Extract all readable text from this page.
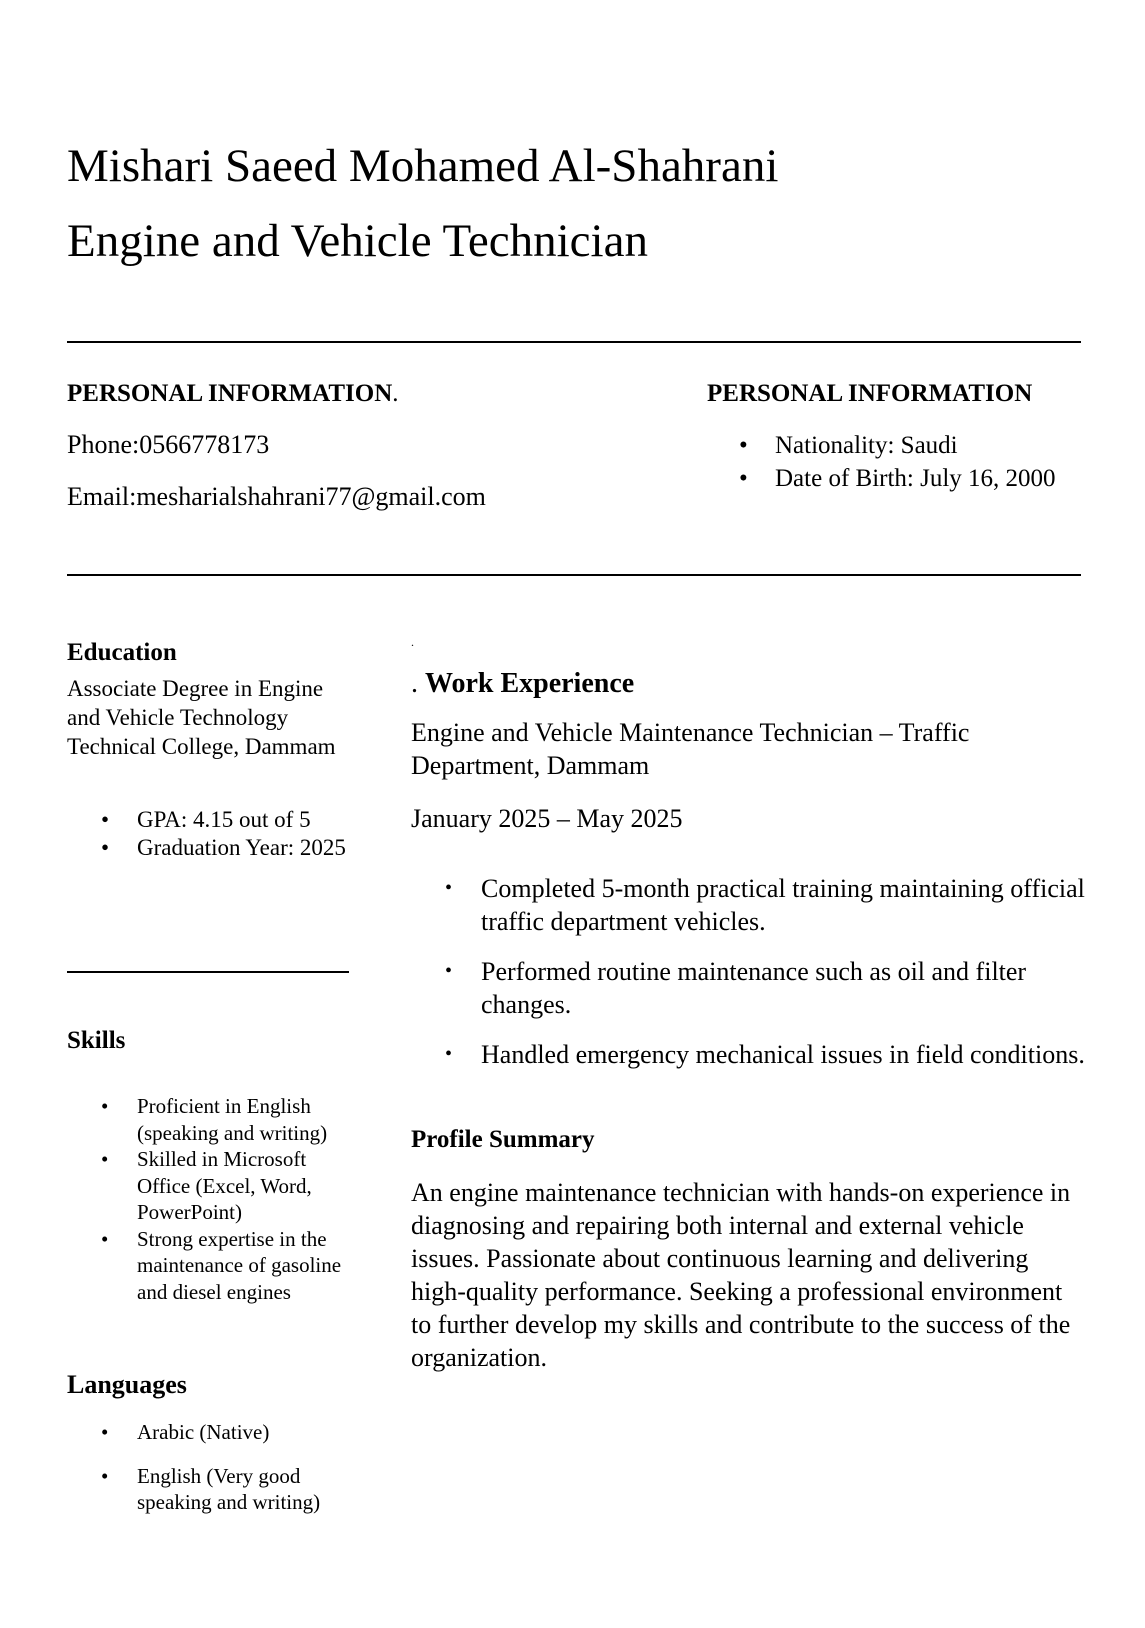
Mishari Saeed Mohamed Al-Shahrani
Engine and Vehicle Technician
PERSONAL INFORMATION.
Phone:0566778173
Email:mesharialshahrani77@gmail.com
PERSONAL INFORMATION
• Nationality: Saudi
• Date of Birth: July 16, 2000
Education
Associate Degree in Engine and Vehicle Technology Technical College, Dammam
• GPA: 4.15 out of 5
• Graduation Year: 2025
Skills
• Proficient in English (speaking and writing)
• Skilled in Microsoft Office (Excel, Word, PowerPoint)
• Strong expertise in the maintenance of gasoline and diesel engines
Languages
• Arabic (Native)
• English (Very good speaking and writing)
.
. Work Experience
Engine and Vehicle Maintenance Technician – Traffic Department, Dammam
January 2025 – May 2025
• Completed 5-month practical training maintaining official traffic department vehicles.
• Performed routine maintenance such as oil and filter changes.
• Handled emergency mechanical issues in field conditions.
Profile Summary
An engine maintenance technician with hands-on experience in diagnosing and repairing both internal and external vehicle issues. Passionate about continuous learning and delivering high-quality performance. Seeking a professional environment to further develop my skills and contribute to the success of the organization.
